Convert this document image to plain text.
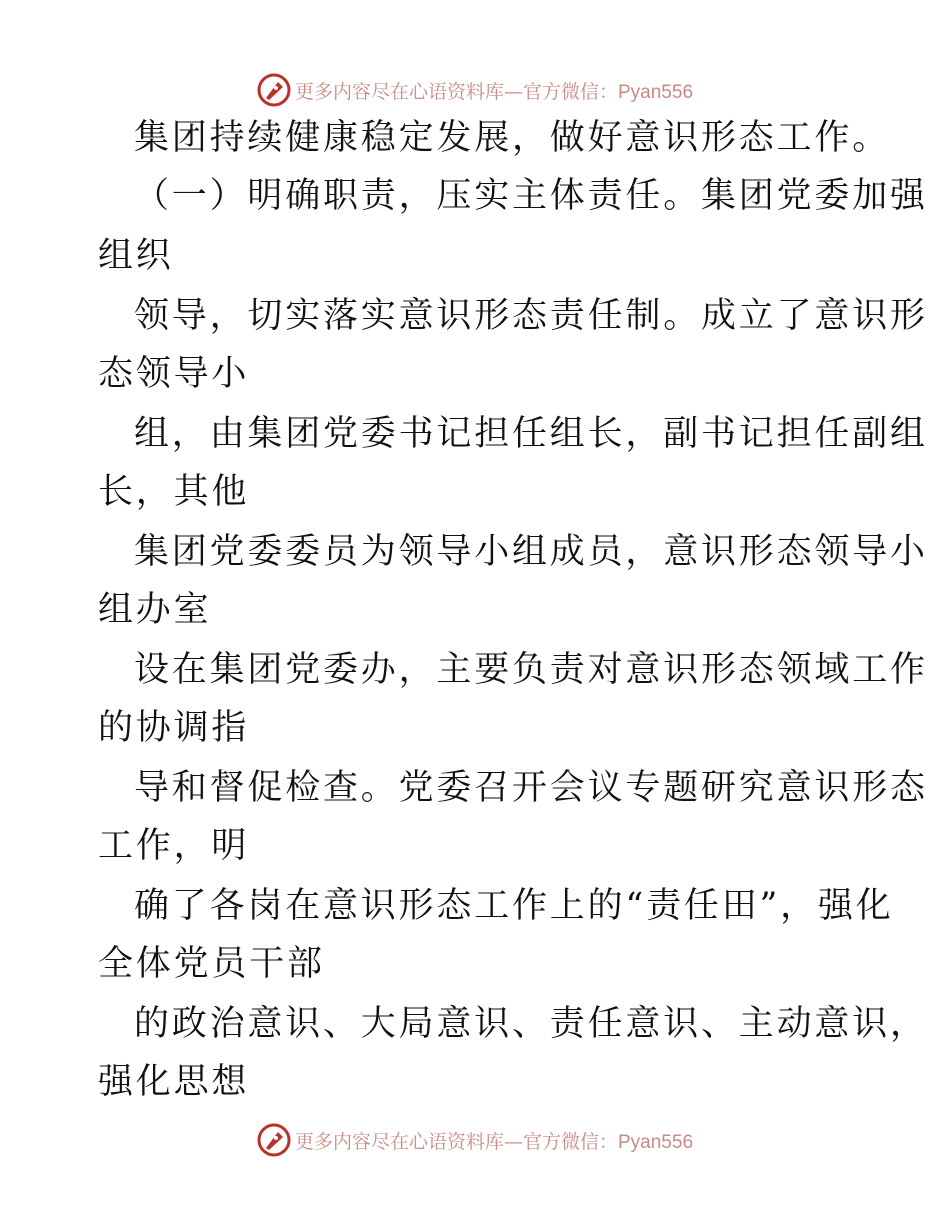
更多内容尽在心语资料库—官方微信：Pyan556
集团持续健康稳定发展，做好意识形态工作。
（一）明确职责，压实主体责任。集团党委加强
组织
领导，切实落实意识形态责任制。成立了意识形
态领导小
组，由集团党委书记担任组长，副书记担任副组
长，其他
集团党委委员为领导小组成员，意识形态领导小
组办室
设在集团党委办，主要负责对意识形态领域工作
的协调指
导和督促检查。党委召开会议专题研究意识形态
工作，明
确了各岗在意识形态工作上的“责任田”，强化
全体党员干部
的政治意识、大局意识、责任意识、主动意识，
强化思想
更多内容尽在心语资料库—官方微信：Pyan556
